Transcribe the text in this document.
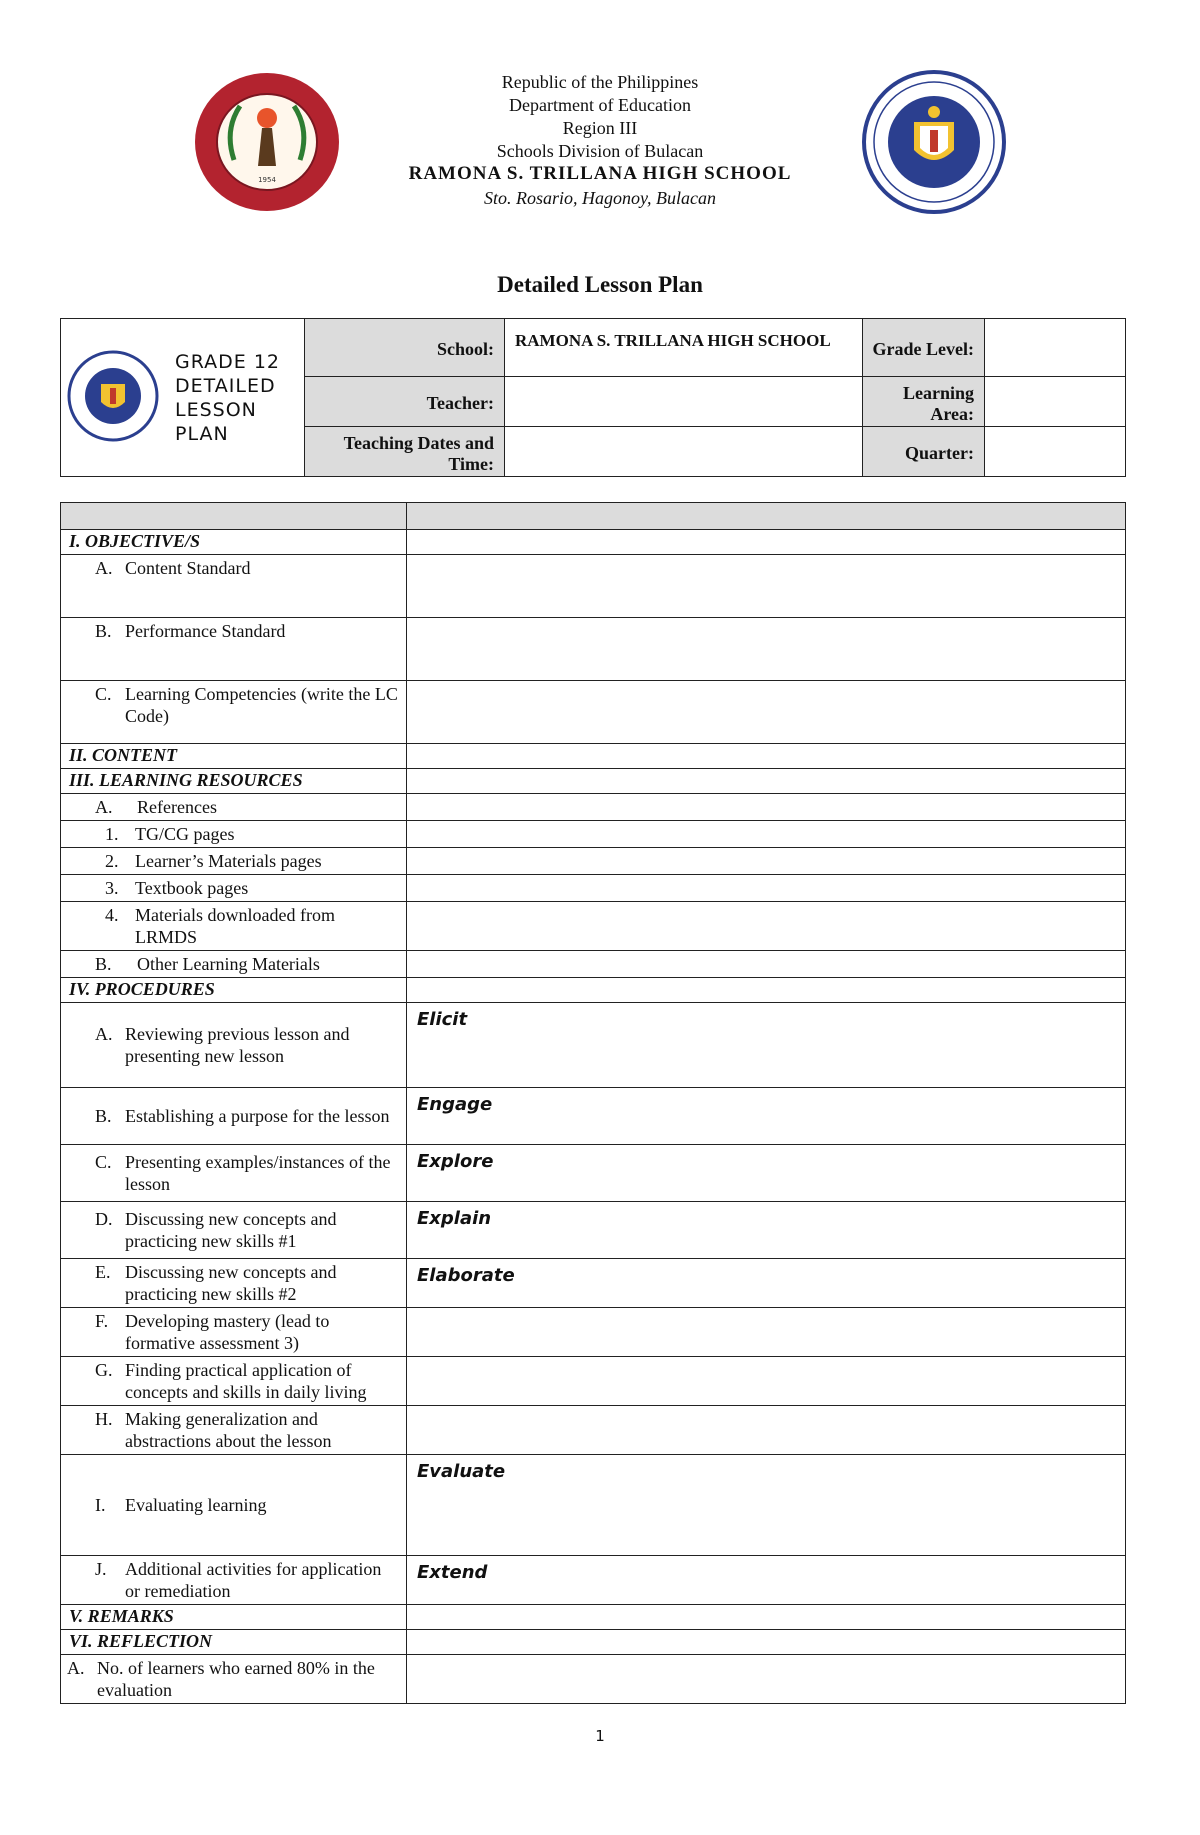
1954
Republic of the Philippines
Department of Education
Region III
Schools Division of Bulacan
RAMONA S. TRILLANA HIGH SCHOOL
Sto. Rosario, Hagonoy, Bulacan
Detailed Lesson Plan
GRADE 12 DETAILED LESSON PLAN	School:	RAMONA S. TRILLANA HIGH SCHOOL	Grade Level:	
	Teacher:		Learning Area:	
	Teaching Dates and Time:		Quarter:	

I. OBJECTIVE/S	

A. Content Standard	

B. Performance Standard	

C. Learning Competencies (write the LC Code)	

II. CONTENT	
III. LEARNING RESOURCES	

A. References	

1. TG/CG pages	

2. Learner’s Materials pages	

3. Textbook pages	

4. Materials downloaded from LRMDS	

B. Other Learning Materials	

IV. PROCEDURES	

A. Reviewing previous lesson and presenting new lesson	Elicit

B. Establishing a purpose for the lesson	Engage

C. Presenting examples/instances of the lesson	Explore

D. Discussing new concepts and practicing new skills #1	Explain

E. Discussing new concepts and practicing new skills #2	Elaborate

F. Developing mastery (lead to formative assessment 3)	

G. Finding practical application of concepts and skills in daily living	

H. Making generalization and abstractions about the lesson	

I. Evaluating learning	Evaluate

J. Additional activities for application or remediation	Extend
V. REMARKS	
VI. REFLECTION	

A. No. of learners who earned 80% in the evaluation	

1
